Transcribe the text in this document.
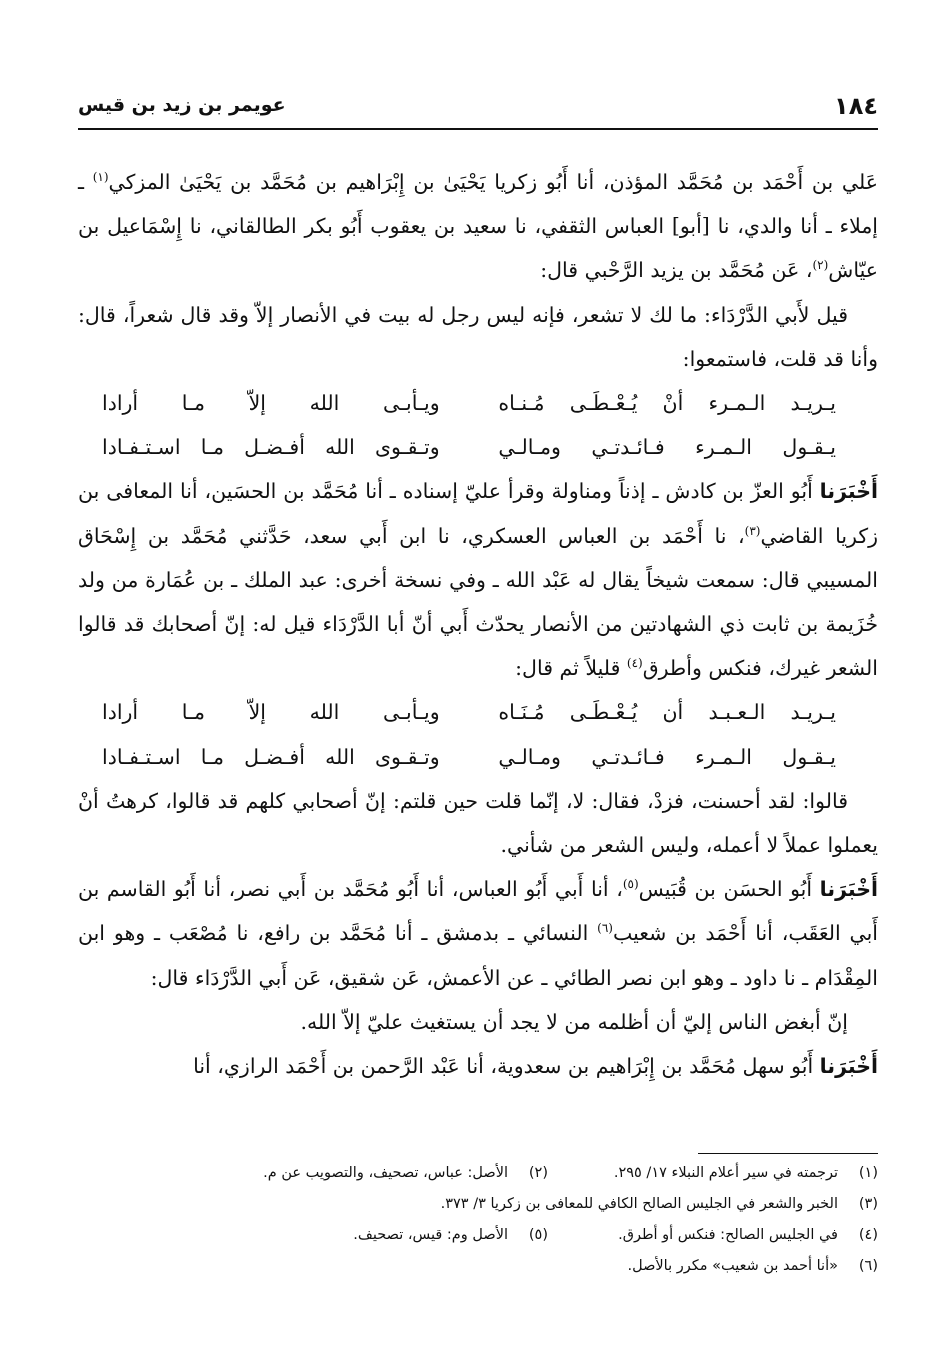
١٨٤
عويمر بن زيد بن قيس

عَلي بن أَحْمَد بن مُحَمَّد المؤذن، أنا أَبُو زكريا يَحْيَىٰ بن إِبْرَاهيم بن مُحَمَّد بن يَحْيَىٰ المزكي$^{(١)}$ ـ إملاء ـ أنا والدي، نا [أبو] العباس الثقفي، نا سعيد بن يعقوب أَبُو بكر الطالقاني، نا إِسْمَاعيل بن عيّاش$^{(٢)}$، عَن مُحَمَّد بن يزيد الرَّحْبي قال:

قيل لأَبي الدَّرْدَاء: ما لك لا تشعر، فإنه ليس رجل له بيت في الأنصار إلاّ وقد قال شعراً، قال: وأنا قد قلت، فاستمعوا:

يـريـد الـمـرء أنْ يُـعْـطَـى مُـنـاه
ويـأبـى الله إلاّ مـا أرادا
يـقـول الـمـرء فـائـدتـي ومـالـي
وتـقـوى الله أفـضـل مـا اسـتـفـادا

أَخْبَرَنا أَبُو العزّ بن كادش ـ إذناً ومناولة وقرأ عليّ إسناده ـ أنا مُحَمَّد بن الحسَين، أنا المعافى بن زكريا القاضي$^{(٣)}$، نا أَحْمَد بن العباس العسكري، نا ابن أَبي سعد، حَدَّثني مُحَمَّد بن إِسْحَاق المسيبي قال: سمعت شيخاً يقال له عَبْد الله ـ وفي نسخة أخرى: عبد الملك ـ بن عُمَارة من ولد خُزَيمة بن ثابت ذي الشهادتين من الأنصار يحدّث أَبي أنّ أبا الدَّرْدَاء قيل له: إنّ أصحابك قد قالوا الشعر غيرك، فنكس وأطرق$^{(٤)}$ قليلاً ثم قال:

يـريـد الـعـبـد أن يُـعْـطَـى مُـنَـاه
ويـأبـى الله إلاّ مـا أرادا
يـقـول الـمـرء فـائـدتـي ومـالـي
وتـقـوى الله أفـضـل مـا اسـتـفـادا

قالوا: لقد أحسنت، فزدْ، فقال: لا، إنّما قلت حين قلتم: إنّ أصحابي كلهم قد قالوا، كرهتُ أنْ يعملوا عملاً لا أعمله، وليس الشعر من شأني.

أَخْبَرَنا أَبُو الحسَن بن قُبَيس$^{(٥)}$، أنا أَبي أَبُو العباس، أنا أَبُو مُحَمَّد بن أَبي نصر، أنا أَبُو القاسم بن أَبي العَقَب، أنا أَحْمَد بن شعيب$^{(٦)}$ النسائي ـ بدمشق ـ أنا مُحَمَّد بن رافع، نا مُصْعَب ـ وهو ابن المِقْدَام ـ نا داود ـ وهو ابن نصر الطائي ـ عن الأعمش، عَن شقيق، عَن أَبي الدَّرْدَاء قال:

إنّ أبغض الناس إليّ أن أظلمه من لا يجد أن يستغيث عليّ إلاّ الله.

أَخْبَرَنا أَبُو سهل مُحَمَّد بن إِبْرَاهيم بن سعدوية، أنا عَبْد الرَّحمن بن أَحْمَد الرازي، أنا

(١)
ترجمته في سير أعلام النبلاء ١٧/ ٢٩٥.
(٢)
الأصل: عباس، تصحيف، والتصويب عن م.
(٣)
الخبر والشعر في الجليس الصالح الكافي للمعافى بن زكريا ٣/ ٣٧٣.
(٤)
في الجليس الصالح: فنكس أو أطرق.
(٥)
الأصل وم: قيس، تصحيف.
(٦)
«أنا أحمد بن شعيب» مكرر بالأصل.
